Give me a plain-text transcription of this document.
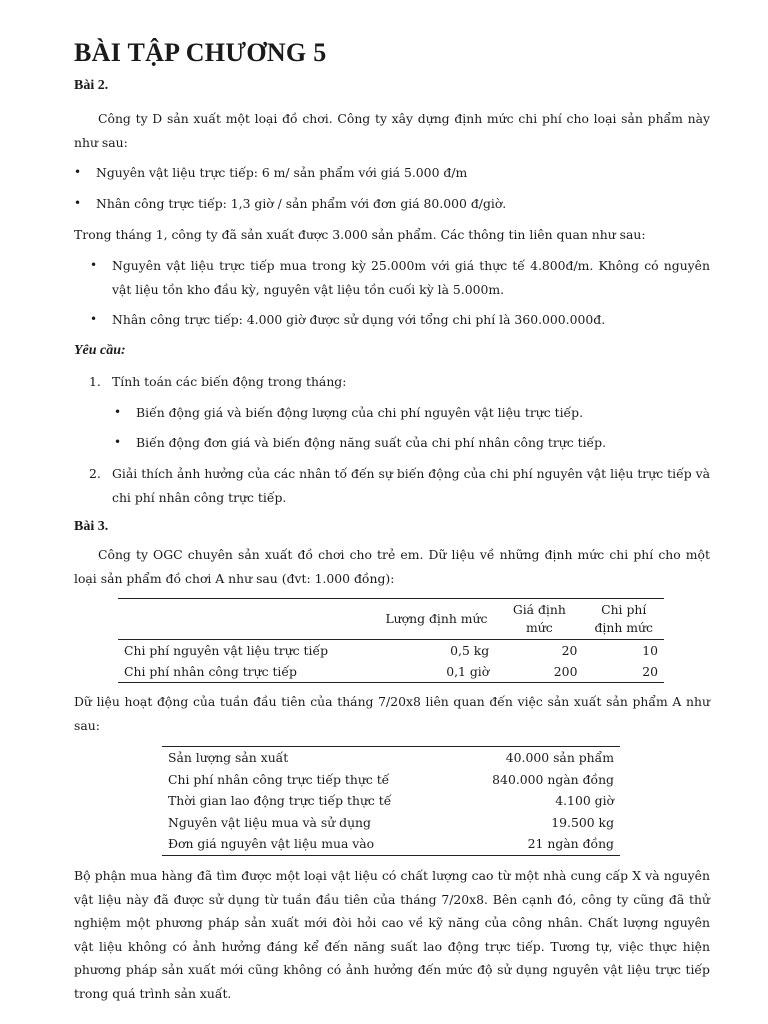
BÀI TẬP CHƯƠNG 5
Bài 2.

Công ty D sản xuất một loại đồ chơi. Công ty xây dựng định mức chi phí cho loại sản phẩm này như sau:

• Nguyên vật liệu trực tiếp: 6 m/ sản phẩm với giá 5.000 đ/m

• Nhân công trực tiếp: 1,3 giờ / sản phẩm với đơn giá 80.000 đ/giờ.

Trong tháng 1, công ty đã sản xuất được 3.000 sản phẩm. Các thông tin liên quan như sau:

• Nguyên vật liệu trực tiếp mua trong kỳ 25.000m với giá thực tế 4.800đ/m. Không có nguyên vật liệu tồn kho đầu kỳ, nguyên vật liệu tồn cuối kỳ là 5.000m.

• Nhân công trực tiếp: 4.000 giờ được sử dụng với tổng chi phí là 360.000.000đ.

Yêu cầu:

1. Tính toán các biến động trong tháng:

• Biến động giá và biến động lượng của chi phí nguyên vật liệu trực tiếp.

• Biến động đơn giá và biến động năng suất của chi phí nhân công trực tiếp.

2. Giải thích ảnh hưởng của các nhân tố đến sự biến động của chi phí nguyên vật liệu trực tiếp và chi phí nhân công trực tiếp.

Bài 3.

Công ty OGC chuyên sản xuất đồ chơi cho trẻ em. Dữ liệu về những định mức chi phí cho một loại sản phẩm đồ chơi A như sau (đvt: 1.000 đồng):

	Lượng định mức	Giá định mức	Chi phí định mức
Chi phí nguyên vật liệu trực tiếp	0,5 kg	20	10
Chi phí nhân công trực tiếp	0,1 giờ	200	20

Dữ liệu hoạt động của tuần đầu tiên của tháng 7/20x8 liên quan đến việc sản xuất sản phẩm A như sau:

Sản lượng sản xuất	40.000 sản phẩm
Chi phí nhân công trực tiếp thực tế	840.000 ngàn đồng
Thời gian lao động trực tiếp thực tế	4.100 giờ
Nguyên vật liệu mua và sử dụng	19.500 kg
Đơn giá nguyên vật liệu mua vào	21 ngàn đồng

Bộ phận mua hàng đã tìm được một loại vật liệu có chất lượng cao từ một nhà cung cấp X và nguyên vật liệu này đã được sử dụng từ tuần đầu tiên của tháng 7/20x8. Bên cạnh đó, công ty cũng đã thử nghiệm một phương pháp sản xuất mới đòi hỏi cao về kỹ năng của công nhân. Chất lượng nguyên vật liệu không có ảnh hưởng đáng kể đến năng suất lao động trực tiếp. Tương tự, việc thực hiện phương pháp sản xuất mới cũng không có ảnh hưởng đến mức độ sử dụng nguyên vật liệu trực tiếp trong quá trình sản xuất.
